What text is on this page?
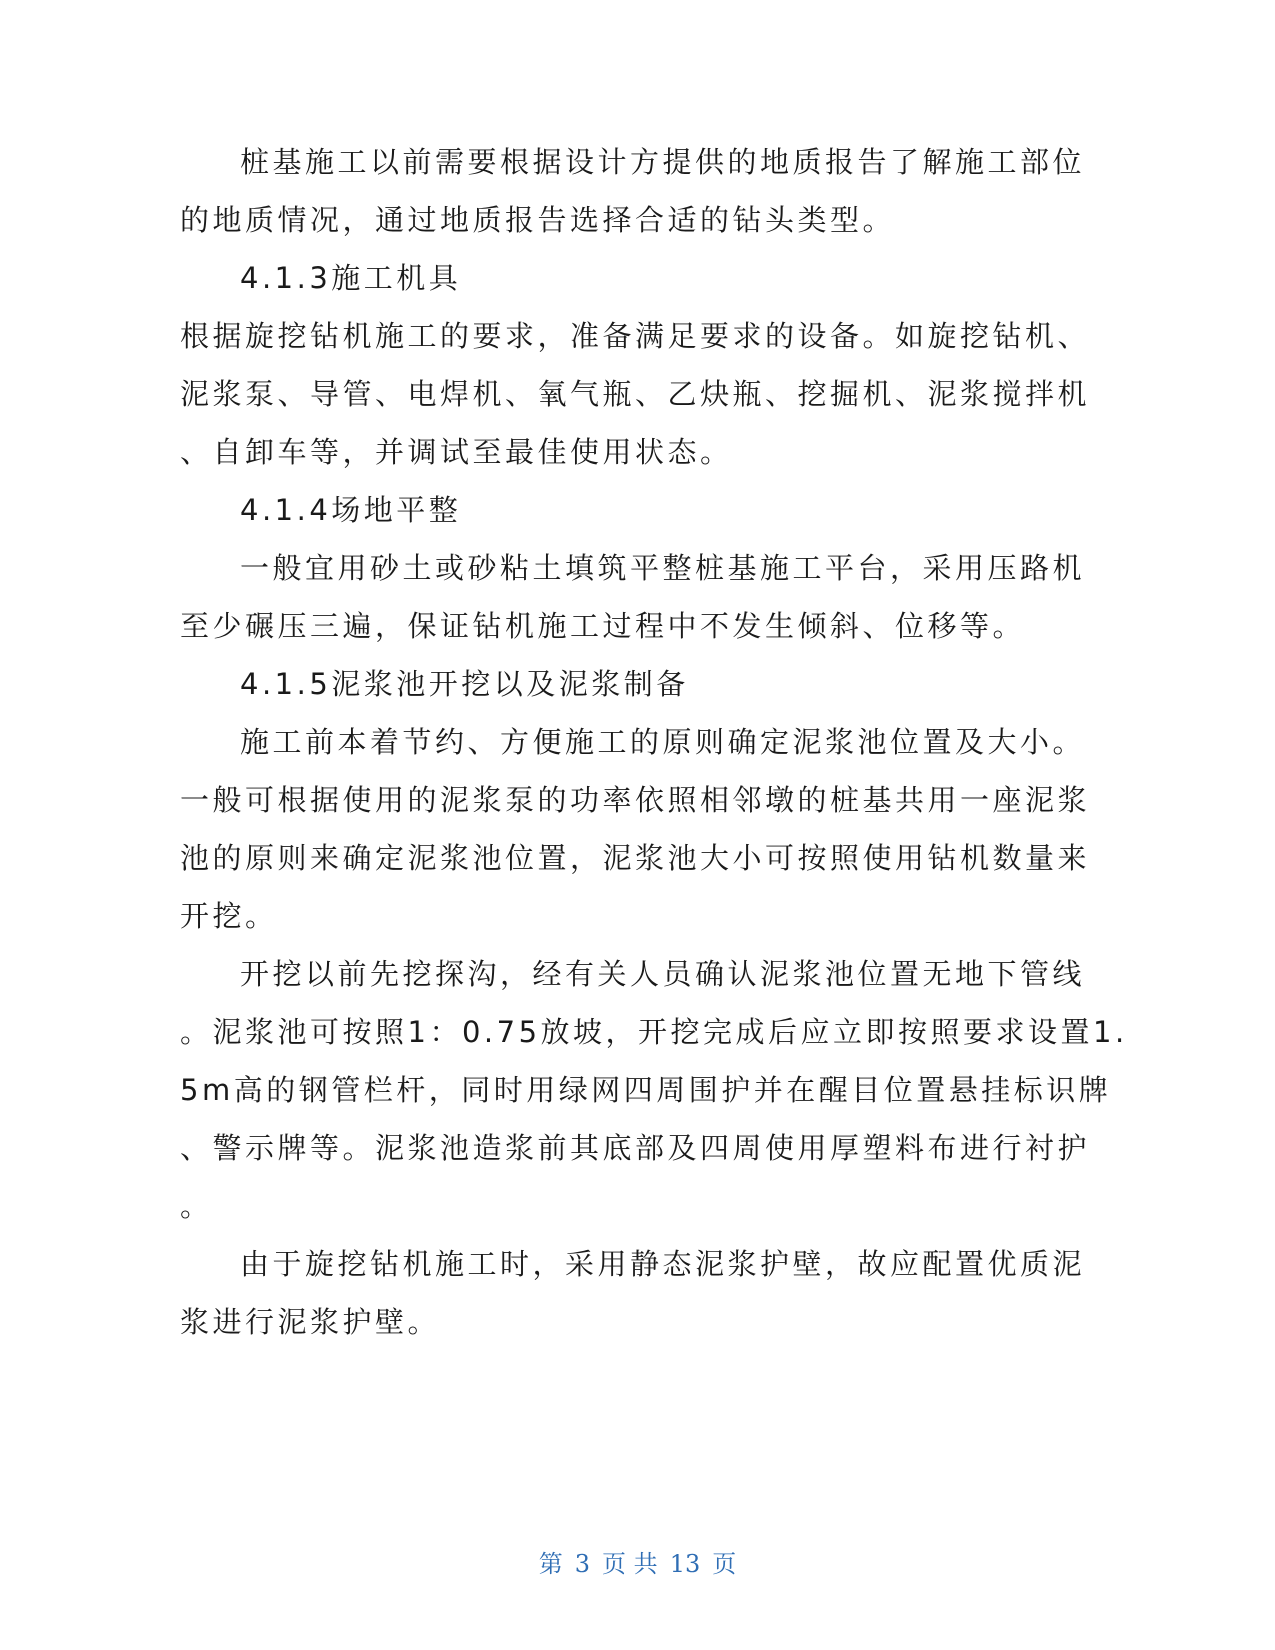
桩基施工以前需要根据设计方提供的地质报告了解施工部位
的地质情况，通过地质报告选择合适的钻头类型。
4.1.3施工机具
根据旋挖钻机施工的要求，准备满足要求的设备。如旋挖钻机、
泥浆泵、导管、电焊机、氧气瓶、乙炔瓶、挖掘机、泥浆搅拌机
、自卸车等，并调试至最佳使用状态。
4.1.4场地平整
一般宜用砂土或砂粘土填筑平整桩基施工平台，采用压路机
至少碾压三遍，保证钻机施工过程中不发生倾斜、位移等。
4.1.5泥浆池开挖以及泥浆制备
施工前本着节约、方便施工的原则确定泥浆池位置及大小。
一般可根据使用的泥浆泵的功率依照相邻墩的桩基共用一座泥浆
池的原则来确定泥浆池位置，泥浆池大小可按照使用钻机数量来
开挖。
开挖以前先挖探沟，经有关人员确认泥浆池位置无地下管线
。泥浆池可按照1：0.75放坡，开挖完成后应立即按照要求设置1.
5m高的钢管栏杆，同时用绿网四周围护并在醒目位置悬挂标识牌
、警示牌等。泥浆池造浆前其底部及四周使用厚塑料布进行衬护
。
由于旋挖钻机施工时，采用静态泥浆护壁，故应配置优质泥
浆进行泥浆护壁。
第 3 页 共 13 页
